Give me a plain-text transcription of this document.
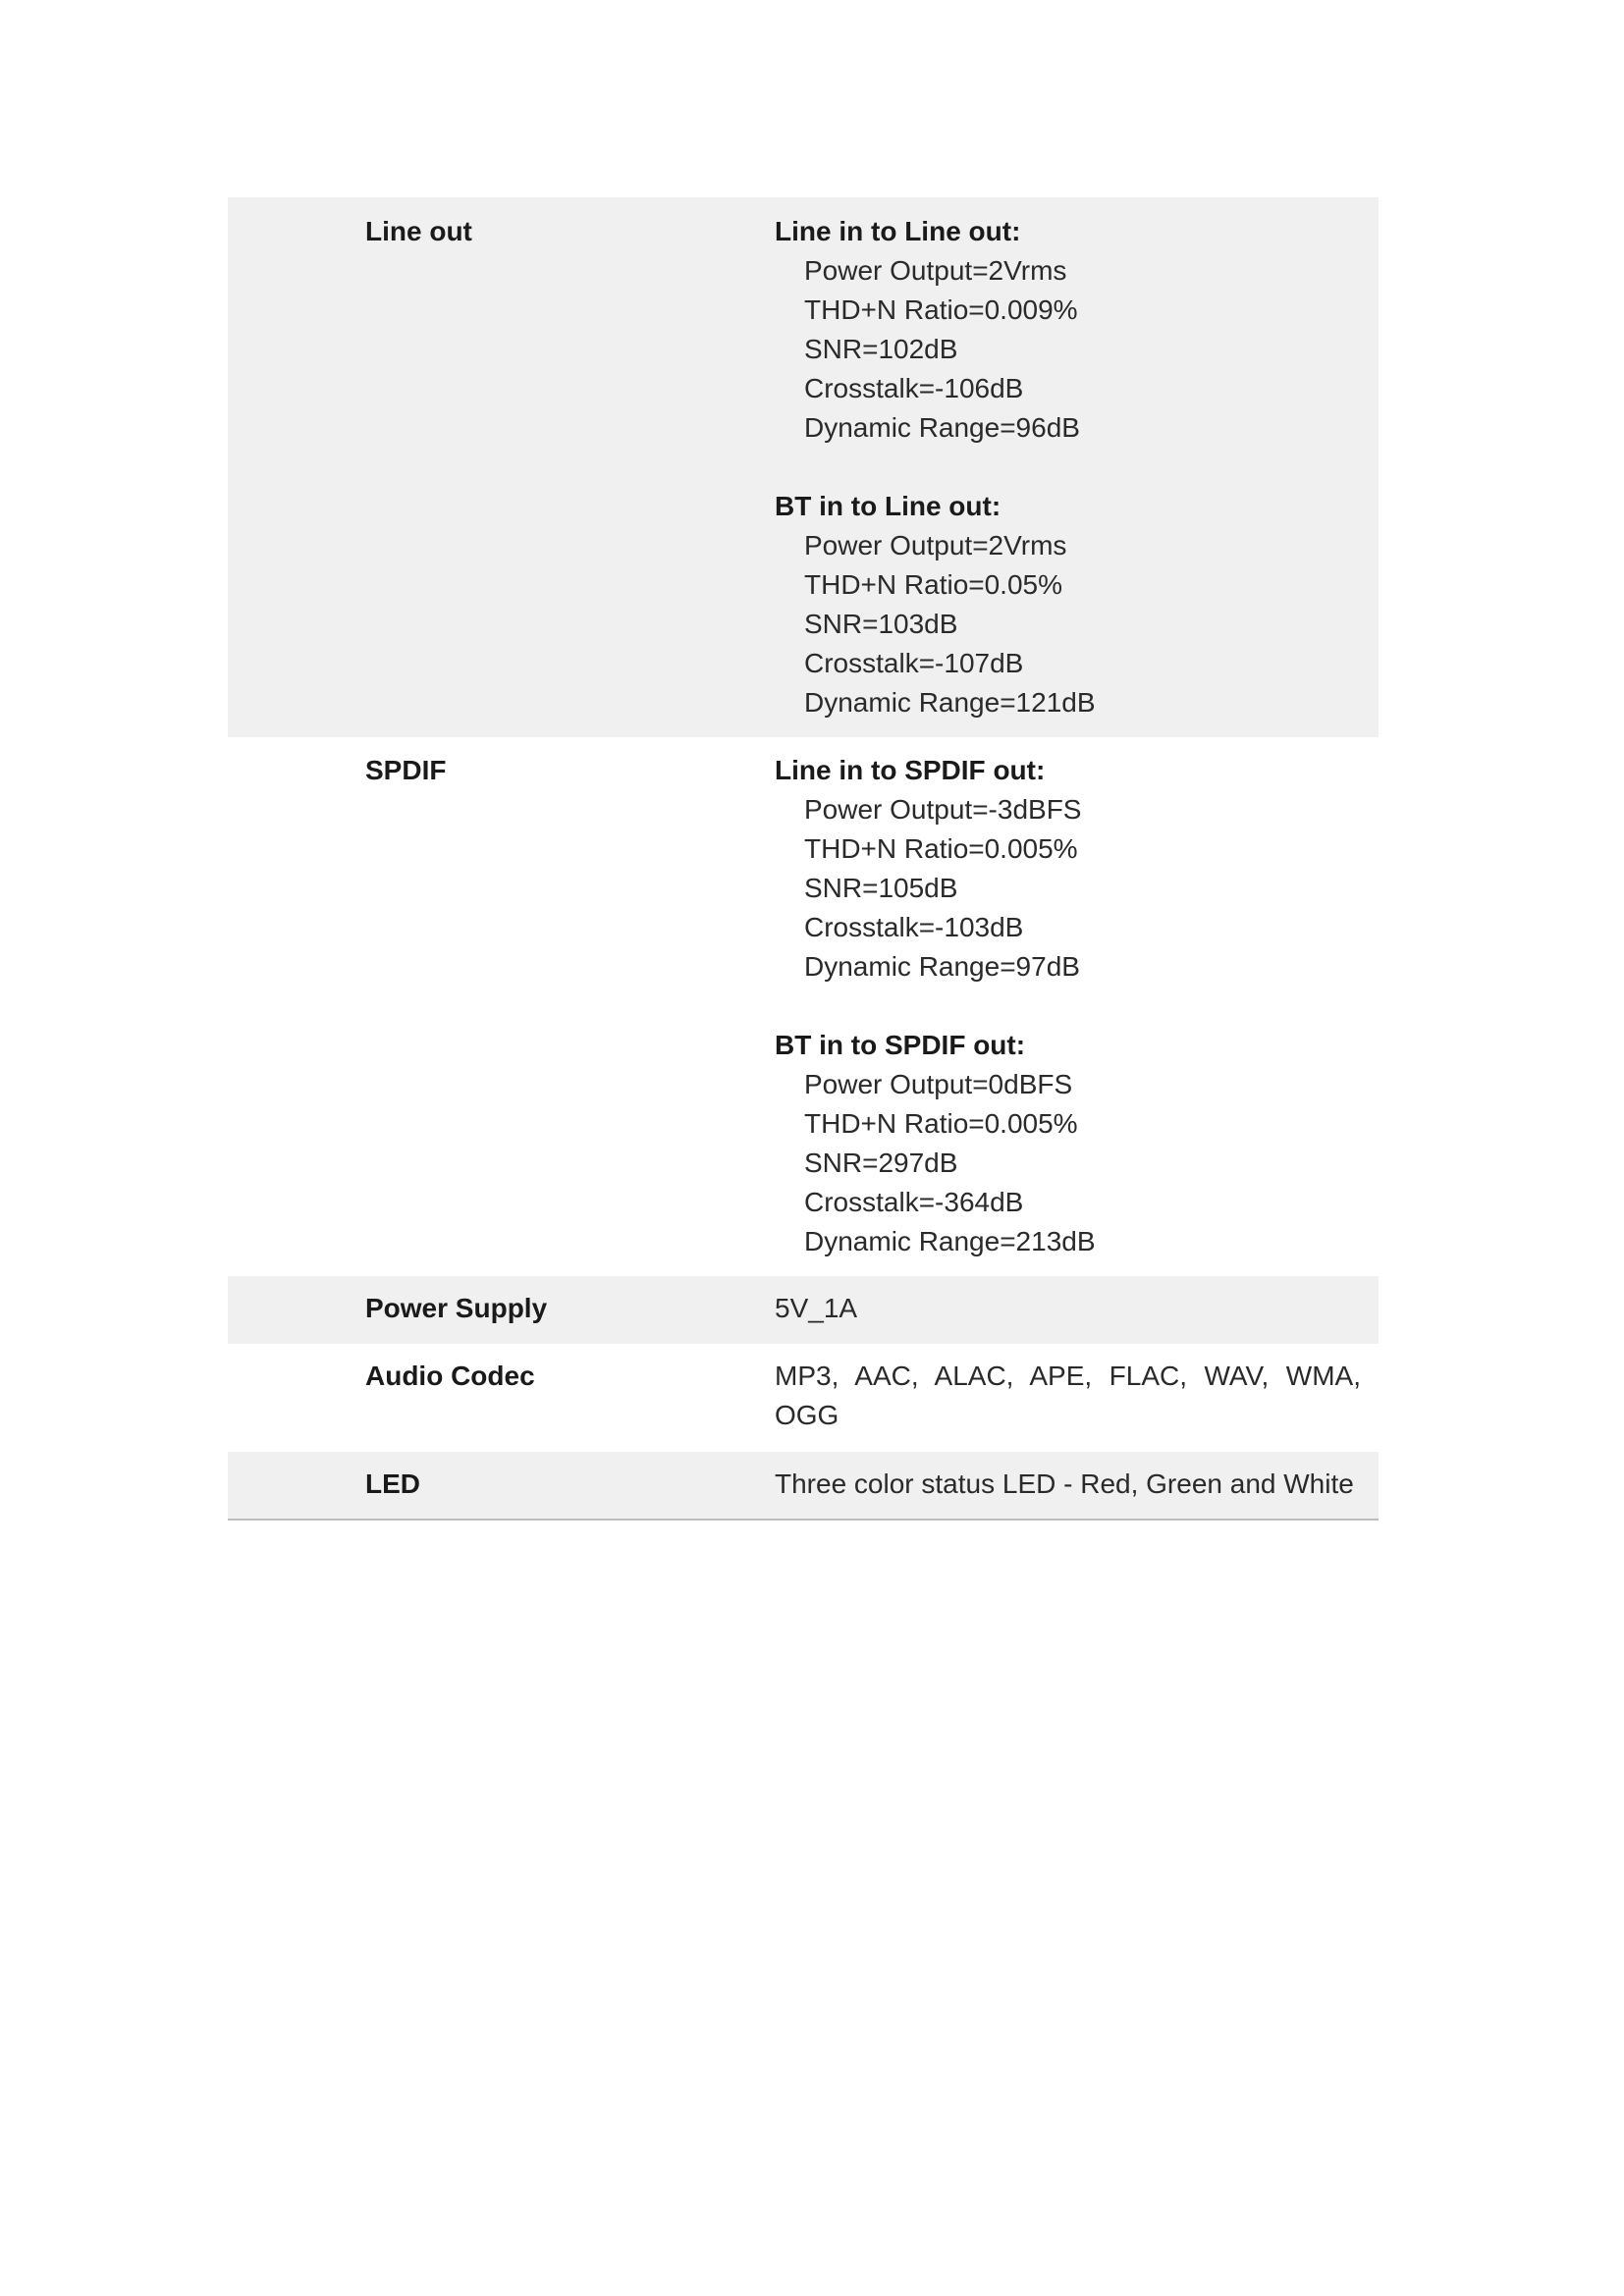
Line out	Line in to Line out:
Power Output=2Vrms
THD+N Ratio=0.009%
SNR=102dB
Crosstalk=-106dB
Dynamic Range=96dB
BT in to Line out:
Power Output=2Vrms
THD+N Ratio=0.05%
SNR=103dB
Crosstalk=-107dB
Dynamic Range=121dB
SPDIF	Line in to SPDIF out:
Power Output=-3dBFS
THD+N Ratio=0.005%
SNR=105dB
Crosstalk=-103dB
Dynamic Range=97dB
BT in to SPDIF out:
Power Output=0dBFS
THD+N Ratio=0.005%
SNR=297dB
Crosstalk=-364dB
Dynamic Range=213dB
Power Supply	5V_1A
Audio Codec	MP3, AAC, ALAC, APE, FLAC, WAV, WMA, OGG
LED	Three color status LED - Red, Green and White
